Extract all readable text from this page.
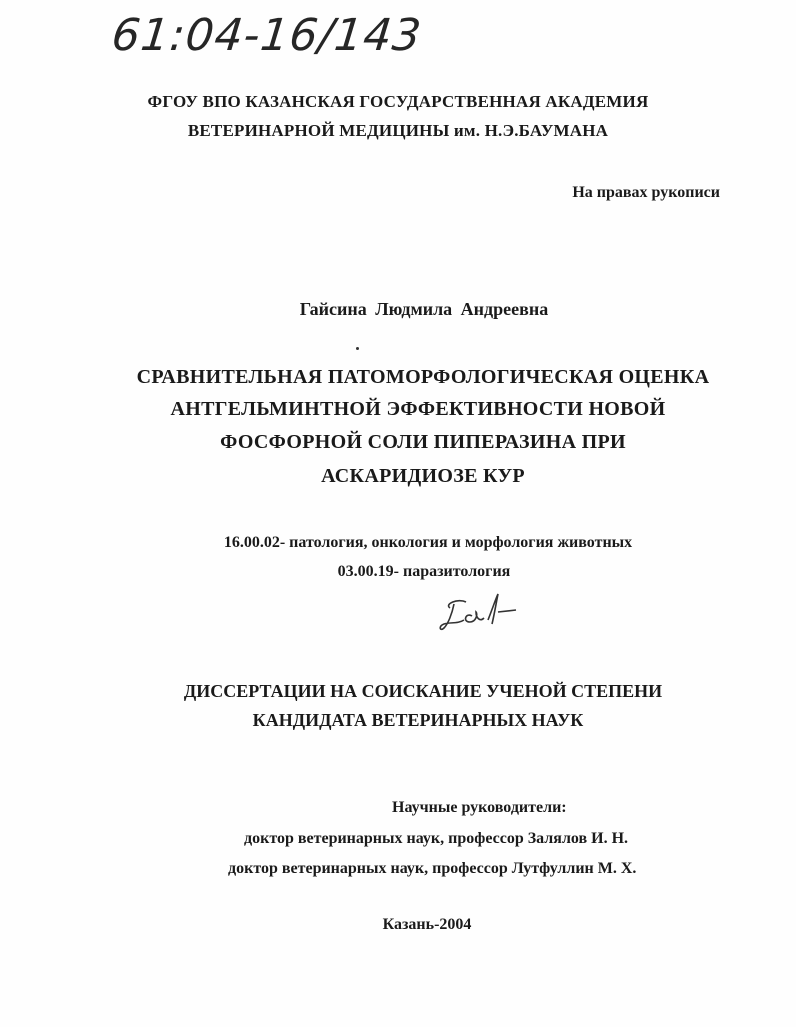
61:04-16/143
ФГОУ ВПО КАЗАНСКАЯ ГОСУДАРСТВЕННАЯ АКАДЕМИЯ
ВЕТЕРИНАРНОЙ МЕДИЦИНЫ им. Н.Э.БАУМАНА
На правах рукописи
Гайсина Людмила Андреевна
СРАВНИТЕЛЬНАЯ ПАТОМОРФОЛОГИЧЕСКАЯ ОЦЕНКА
АНТГЕЛЬМИНТНОЙ ЭФФЕКТИВНОСТИ НОВОЙ
ФОСФОРНОЙ СОЛИ ПИПЕРАЗИНА ПРИ
АСКАРИДИОЗЕ КУР
16.00.02- патология, онкология и морфология животных
03.00.19- паразитология
ДИССЕРТАЦИИ НА СОИСКАНИЕ УЧЕНОЙ СТЕПЕНИ
КАНДИДАТА ВЕТЕРИНАРНЫХ НАУК
Научные руководители:
доктор ветеринарных наук, профессор Залялов И. Н.
доктор ветеринарных наук, профессор Лутфуллин М. Х.
Казань-2004
